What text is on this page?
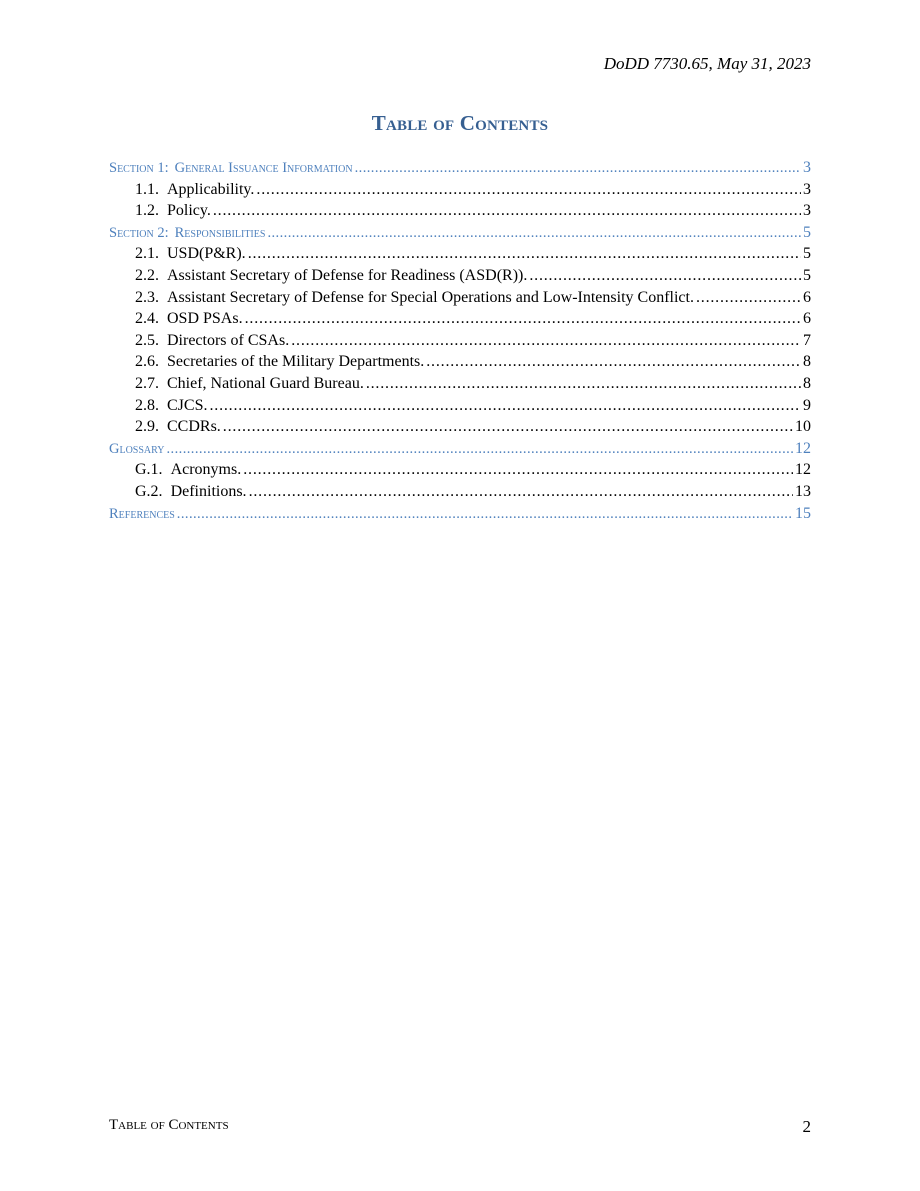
DoDD 7730.65, May 31, 2023
Table of Contents
Section 1: General Issuance Information . . .	3
1.1. Applicability. . . .	3
1.2. Policy. . . .	3
Section 2: Responsibilities . . .	5
2.1. USD(P&R). . . .	5
2.2. Assistant Secretary of Defense for Readiness (ASD(R)). . . .	5
2.3. Assistant Secretary of Defense for Special Operations and Low-Intensity Conflict. . . .	6
2.4. OSD PSAs. . . .	6
2.5. Directors of CSAs. . . .	7
2.6. Secretaries of the Military Departments. . . .	8
2.7. Chief, National Guard Bureau. . . .	8
2.8. CJCS. . . .	9
2.9. CCDRs. . . .	10
Glossary . . .	12
G.1. Acronyms. . . .	12
G.2. Definitions. . . .	13
References . . .	15
Table of Contents	2
